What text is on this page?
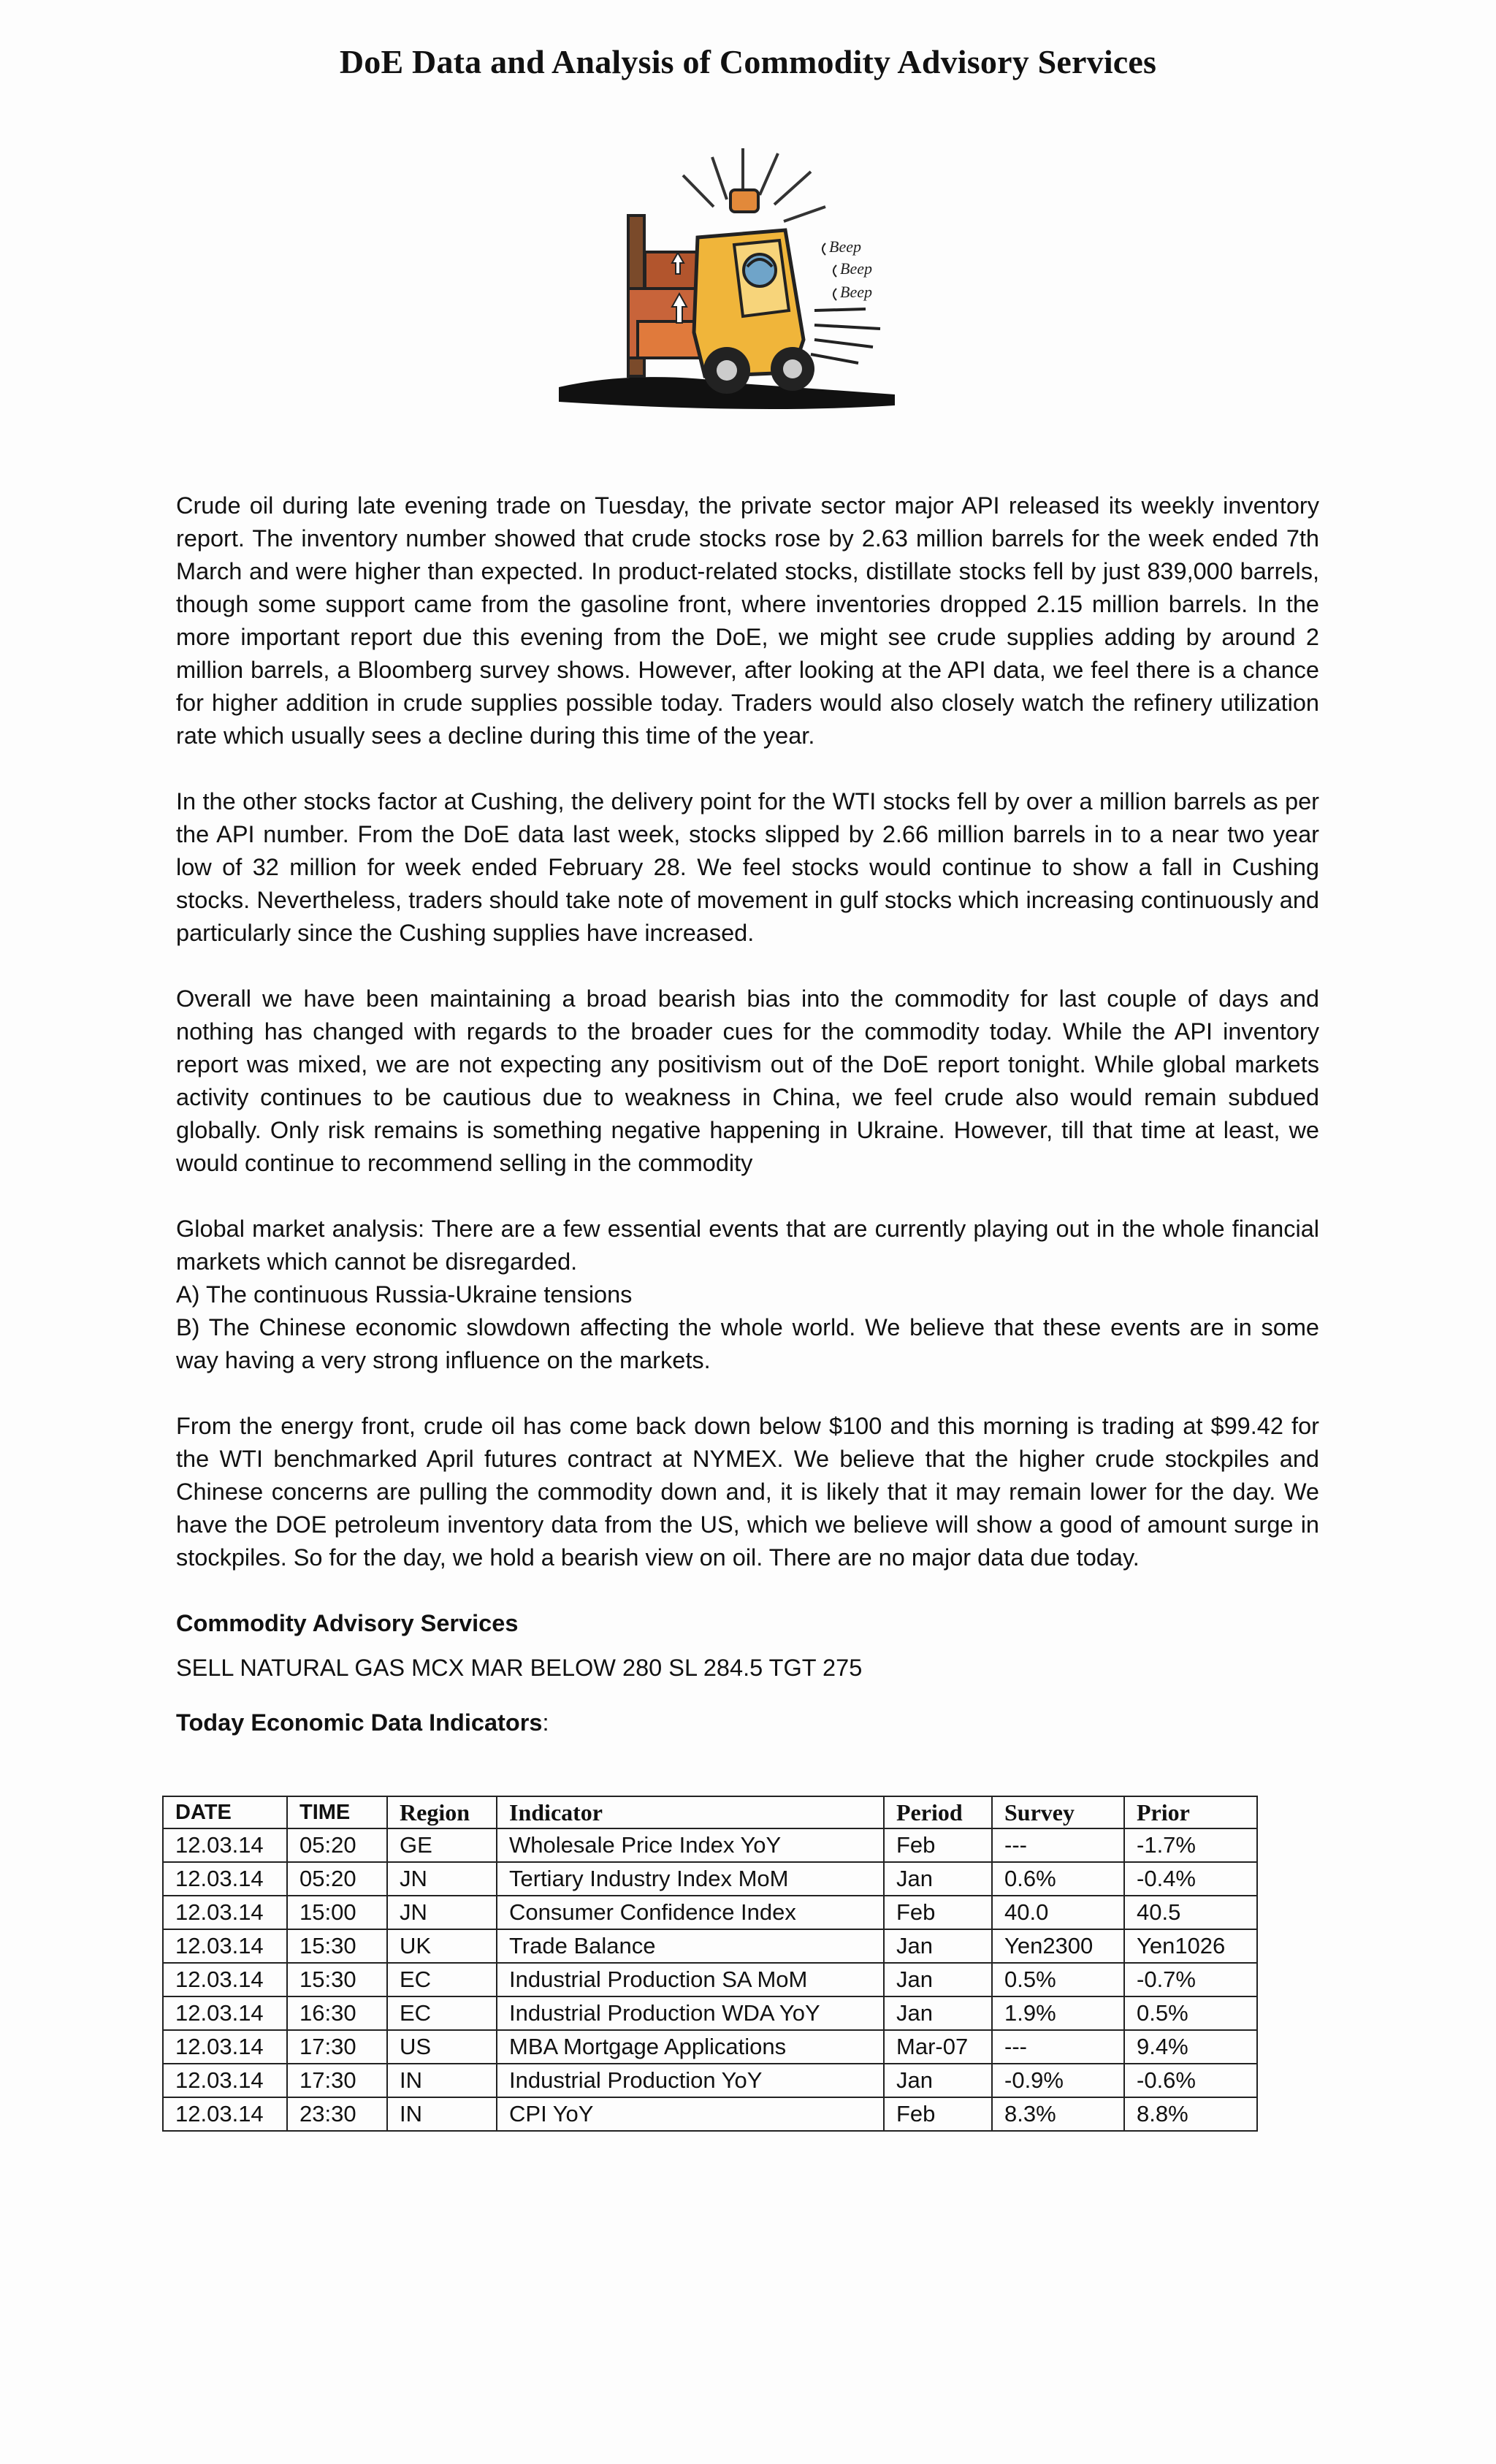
DoE Data and Analysis of Commodity Advisory Services
Beep
Beep
Beep

Crude oil during late evening trade on Tuesday, the private sector major API released its weekly inventory report. The inventory number showed that crude stocks rose by 2.63 million barrels for the week ended 7th March and were higher than expected. In product-related stocks, distillate stocks fell by just 839,000 barrels, though some support came from the gasoline front, where inventories dropped 2.15 million barrels. In the more important report due this evening from the DoE, we might see crude supplies adding by around 2 million barrels, a Bloomberg survey shows. However, after looking at the API data, we feel there is a chance for higher addition in crude supplies possible today. Traders would also closely watch the refinery utilization rate which usually sees a decline during this time of the year.

In the other stocks factor at Cushing, the delivery point for the WTI stocks fell by over a million barrels as per the API number. From the DoE data last week, stocks slipped by 2.66 million barrels in to a near two year low of 32 million for week ended February 28. We feel stocks would continue to show a fall in Cushing stocks. Nevertheless, traders should take note of movement in gulf stocks which increasing continuously and particularly since the Cushing supplies have increased.

Overall we have been maintaining a broad bearish bias into the commodity for last couple of days and nothing has changed with regards to the broader cues for the commodity today. While the API inventory report was mixed, we are not expecting any positivism out of the DoE report tonight. While global markets activity continues to be cautious due to weakness in China, we feel crude also would remain subdued globally. Only risk remains is something negative happening in Ukraine. However, till that time at least, we would continue to recommend selling in the commodity

Global market analysis: There are a few essential events that are currently playing out in the whole financial markets which cannot be disregarded.

A) The continuous Russia-Ukraine tensions

B) The Chinese economic slowdown affecting the whole world. We believe that these events are in some way having a very strong influence on the markets.

From the energy front, crude oil has come back down below $100 and this morning is trading at $99.42 for the WTI benchmarked April futures contract at NYMEX. We believe that the higher crude stockpiles and Chinese concerns are pulling the commodity down and, it is likely that it may remain lower for the day. We have the DOE petroleum inventory data from the US, which we believe will show a good of amount surge in stockpiles. So for the day, we hold a bearish view on oil. There are no major data due today.

Commodity Advisory Services

SELL NATURAL GAS MCX MAR BELOW 280 SL 284.5 TGT 275

Today Economic Data Indicators:

DATE	TIME	Region	Indicator	Period	Survey	Prior
12.03.14	05:20	GE	Wholesale Price Index YoY	Feb	---	-1.7%
12.03.14	05:20	JN	Tertiary Industry Index MoM	Jan	0.6%	-0.4%
12.03.14	15:00	JN	Consumer Confidence Index	Feb	40.0	40.5
12.03.14	15:30	UK	Trade Balance	Jan	Yen2300	Yen1026
12.03.14	15:30	EC	Industrial Production SA MoM	Jan	0.5%	-0.7%
12.03.14	16:30	EC	Industrial Production WDA YoY	Jan	1.9%	0.5%
12.03.14	17:30	US	MBA Mortgage Applications	Mar-07	---	9.4%
12.03.14	17:30	IN	Industrial Production YoY	Jan	-0.9%	-0.6%
12.03.14	23:30	IN	CPI YoY	Feb	8.3%	8.8%
